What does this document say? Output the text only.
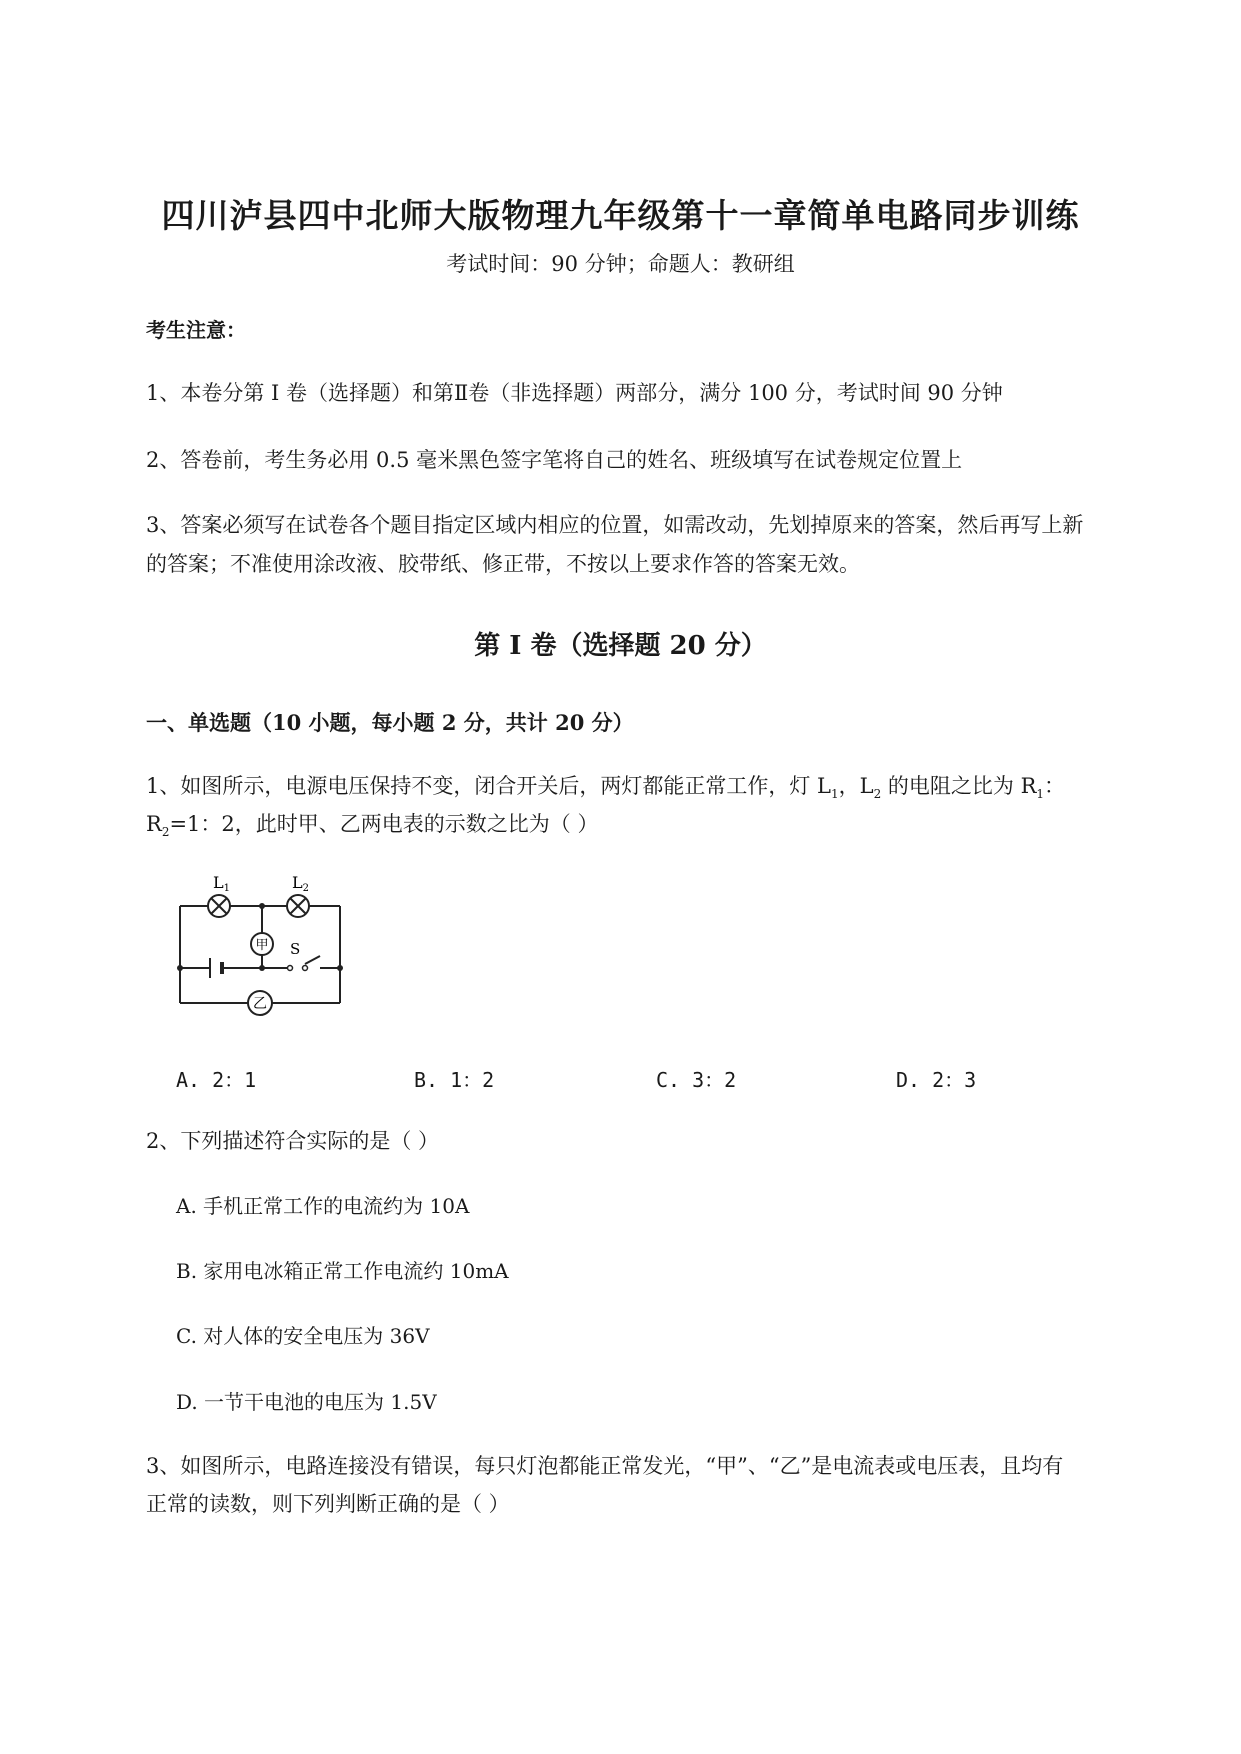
四川泸县四中北师大版物理九年级第十一章简单电路同步训练
考试时间：90 分钟；命题人：教研组
考生注意：
1、本卷分第 I 卷（选择题）和第Ⅱ卷（非选择题）两部分，满分 100 分，考试时间 90 分钟
2、答卷前，考生务必用 0.5 毫米黑色签字笔将自己的姓名、班级填写在试卷规定位置上
3、答案必须写在试卷各个题目指定区域内相应的位置，如需改动，先划掉原来的答案，然后再写上新
的答案；不准使用涂改液、胶带纸、修正带，不按以上要求作答的答案无效。
第 I 卷（选择题 20 分）
一、单选题（10 小题，每小题 2 分，共计 20 分）
1、如图所示，电源电压保持不变，闭合开关后，两灯都能正常工作，灯 $L_1$，$L_2$ 的电阻之比为 $R_1$：
$R_2=1$：2，此时甲、乙两电表的示数之比为（ ）
L1	L2
甲
乙
S
A. 2：1	B. 1：2	C. 3：2	D. 2：3
2、下列描述符合实际的是（ ）
A. 手机正常工作的电流约为 10A
B. 家用电冰箱正常工作电流约 10mA
C. 对人体的安全电压为 36V
D. 一节干电池的电压为 1.5V
3、如图所示，电路连接没有错误，每只灯泡都能正常发光，“甲”、“乙”是电流表或电压表，且均有
正常的读数，则下列判断正确的是（ ）
